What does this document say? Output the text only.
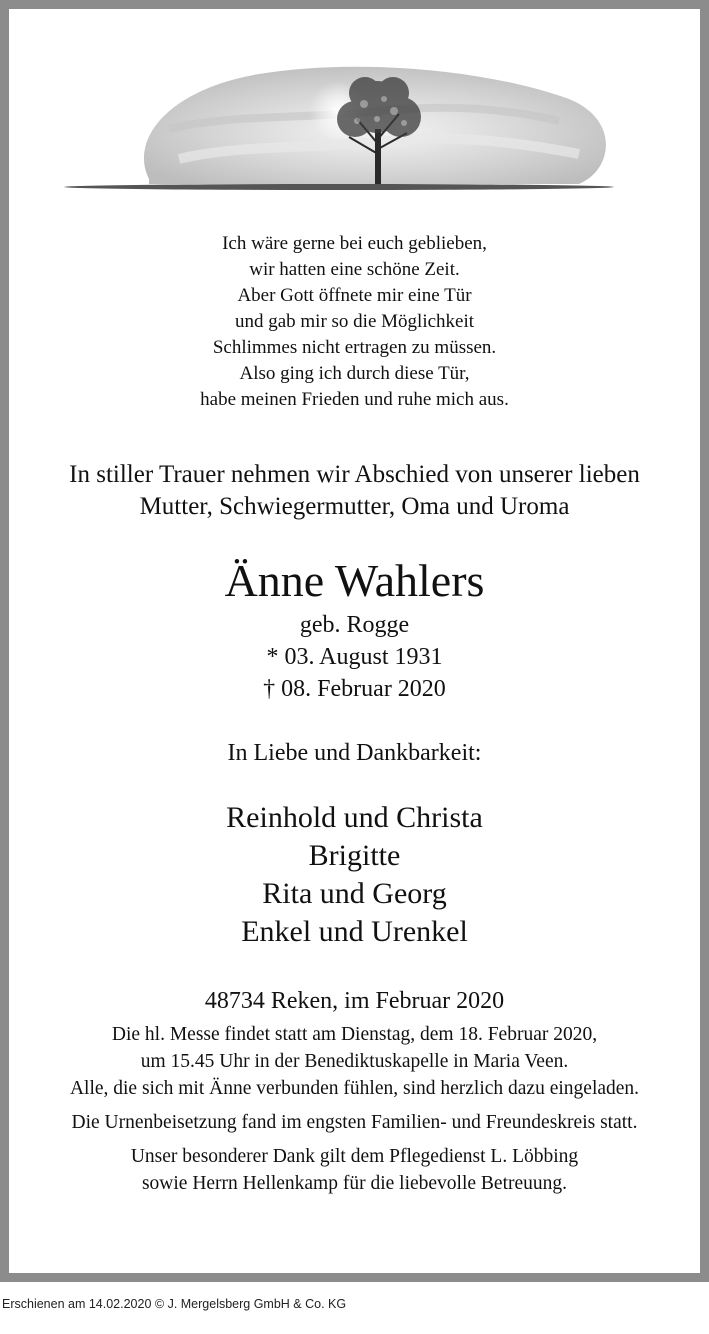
Ich wäre gerne bei euch geblieben,
wir hatten eine schöne Zeit.
Aber Gott öffnete mir eine Tür
und gab mir so die Möglichkeit
Schlimmes nicht ertragen zu müssen.
Also ging ich durch diese Tür,
habe meinen Frieden und ruhe mich aus.
In stiller Trauer nehmen wir Abschied von unserer lieben
Mutter, Schwiegermutter, Oma und Uroma
Änne Wahlers
geb. Rogge
* 03. August 1931
† 08. Februar 2020
In Liebe und Dankbarkeit:
Reinhold und Christa
Brigitte
Rita und Georg
Enkel und Urenkel
48734 Reken, im Februar 2020
Die hl. Messe findet statt am Dienstag, dem 18. Februar 2020,
um 15.45 Uhr in der Benediktuskapelle in Maria Veen.
Alle, die sich mit Änne verbunden fühlen, sind herzlich dazu eingeladen.
Die Urnenbeisetzung fand im engsten Familien- und Freundeskreis statt.
Unser besonderer Dank gilt dem Pflegedienst L. Löbbing
sowie Herrn Hellenkamp für die liebevolle Betreuung.
Erschienen am 14.02.2020 © J. Mergelsberg GmbH & Co. KG
